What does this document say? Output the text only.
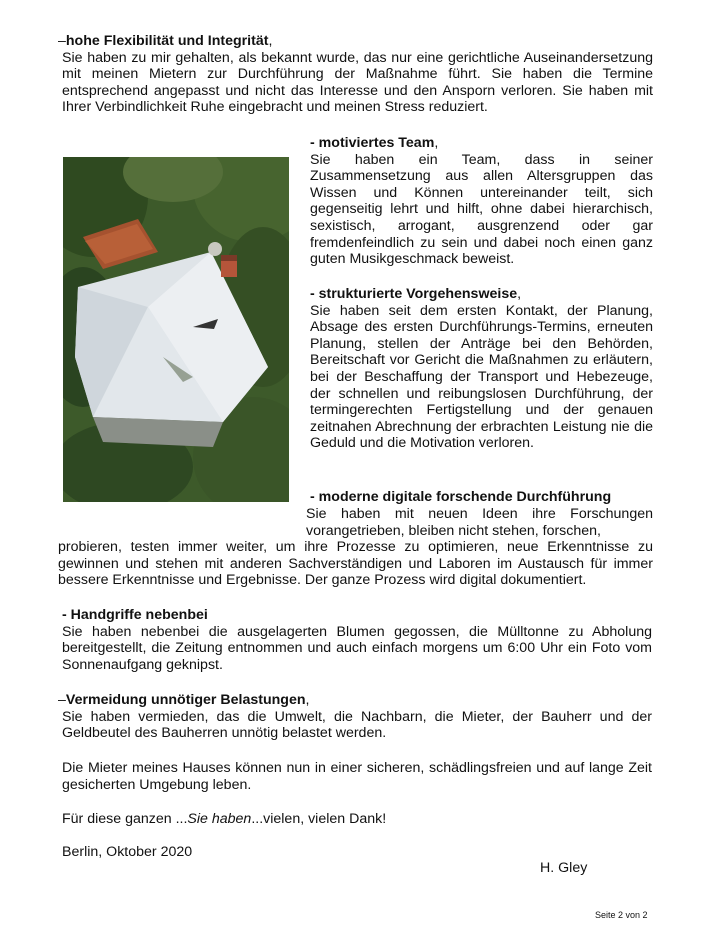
–hohe Flexibilität und Integrität,

Sie haben zu mir gehalten, als bekannt wurde, das nur eine gerichtliche Auseinandersetzung mit meinen Mietern zur Durchführung der Maßnahme führt. Sie haben die Termine entsprechend angepasst und nicht das Interesse und den Ansporn verloren. Sie haben mit Ihrer Verbindlichkeit Ruhe eingebracht und meinen Stress reduziert.

- motiviertes Team,

Sie haben ein Team, dass in seiner Zusammensetzung aus allen Altersgruppen das Wissen und Können untereinander teilt, sich gegenseitig lehrt und hilft, ohne dabei hierarchisch, sexistisch, arrogant, ausgrenzend oder gar fremdenfeindlich zu sein und dabei noch einen ganz guten Musikgeschmack beweist.

- strukturierte Vorgehensweise,

Sie haben seit dem ersten Kontakt, der Planung, Absage des ersten Durchführungs-Termins, erneuten Planung, stellen der Anträge bei den Behörden, Bereitschaft vor Gericht die Maßnahmen zu erläutern, bei der Beschaffung der Transport und Hebezeuge, der schnellen und reibungslosen Durchführung, der termingerechten Fertigstellung und der genauen zeitnahen Abrechnung der erbrachten Leistung nie die Geduld und die Motivation verloren.

- moderne digitale forschende Durchführung

Sie haben mit neuen Ideen ihre Forschungen vorangetrieben, bleiben nicht stehen, forschen,

probieren, testen immer weiter, um ihre Prozesse zu optimieren, neue Erkenntnisse zu gewinnen und stehen mit anderen Sachverständigen und Laboren im Austausch für immer bessere Erkenntnisse und Ergebnisse. Der ganze Prozess wird digital dokumentiert.

- Handgriffe nebenbei

Sie haben nebenbei die ausgelagerten Blumen gegossen, die Mülltonne zu Abholung bereitgestellt, die Zeitung entnommen und auch einfach morgens um 6:00 Uhr ein Foto vom Sonnenaufgang geknipst.

–Vermeidung unnötiger Belastungen,

Sie haben vermieden, das die Umwelt, die Nachbarn, die Mieter, der Bauherr und der Geldbeutel des Bauherren unnötig belastet werden.

Die Mieter meines Hauses können nun in einer sicheren, schädlingsfreien und auf lange Zeit gesicherten Umgebung leben.

Für diese ganzen ...Sie haben...vielen, vielen Dank!

Berlin, Oktober 2020
H. Gley
Seite 2 von 2
